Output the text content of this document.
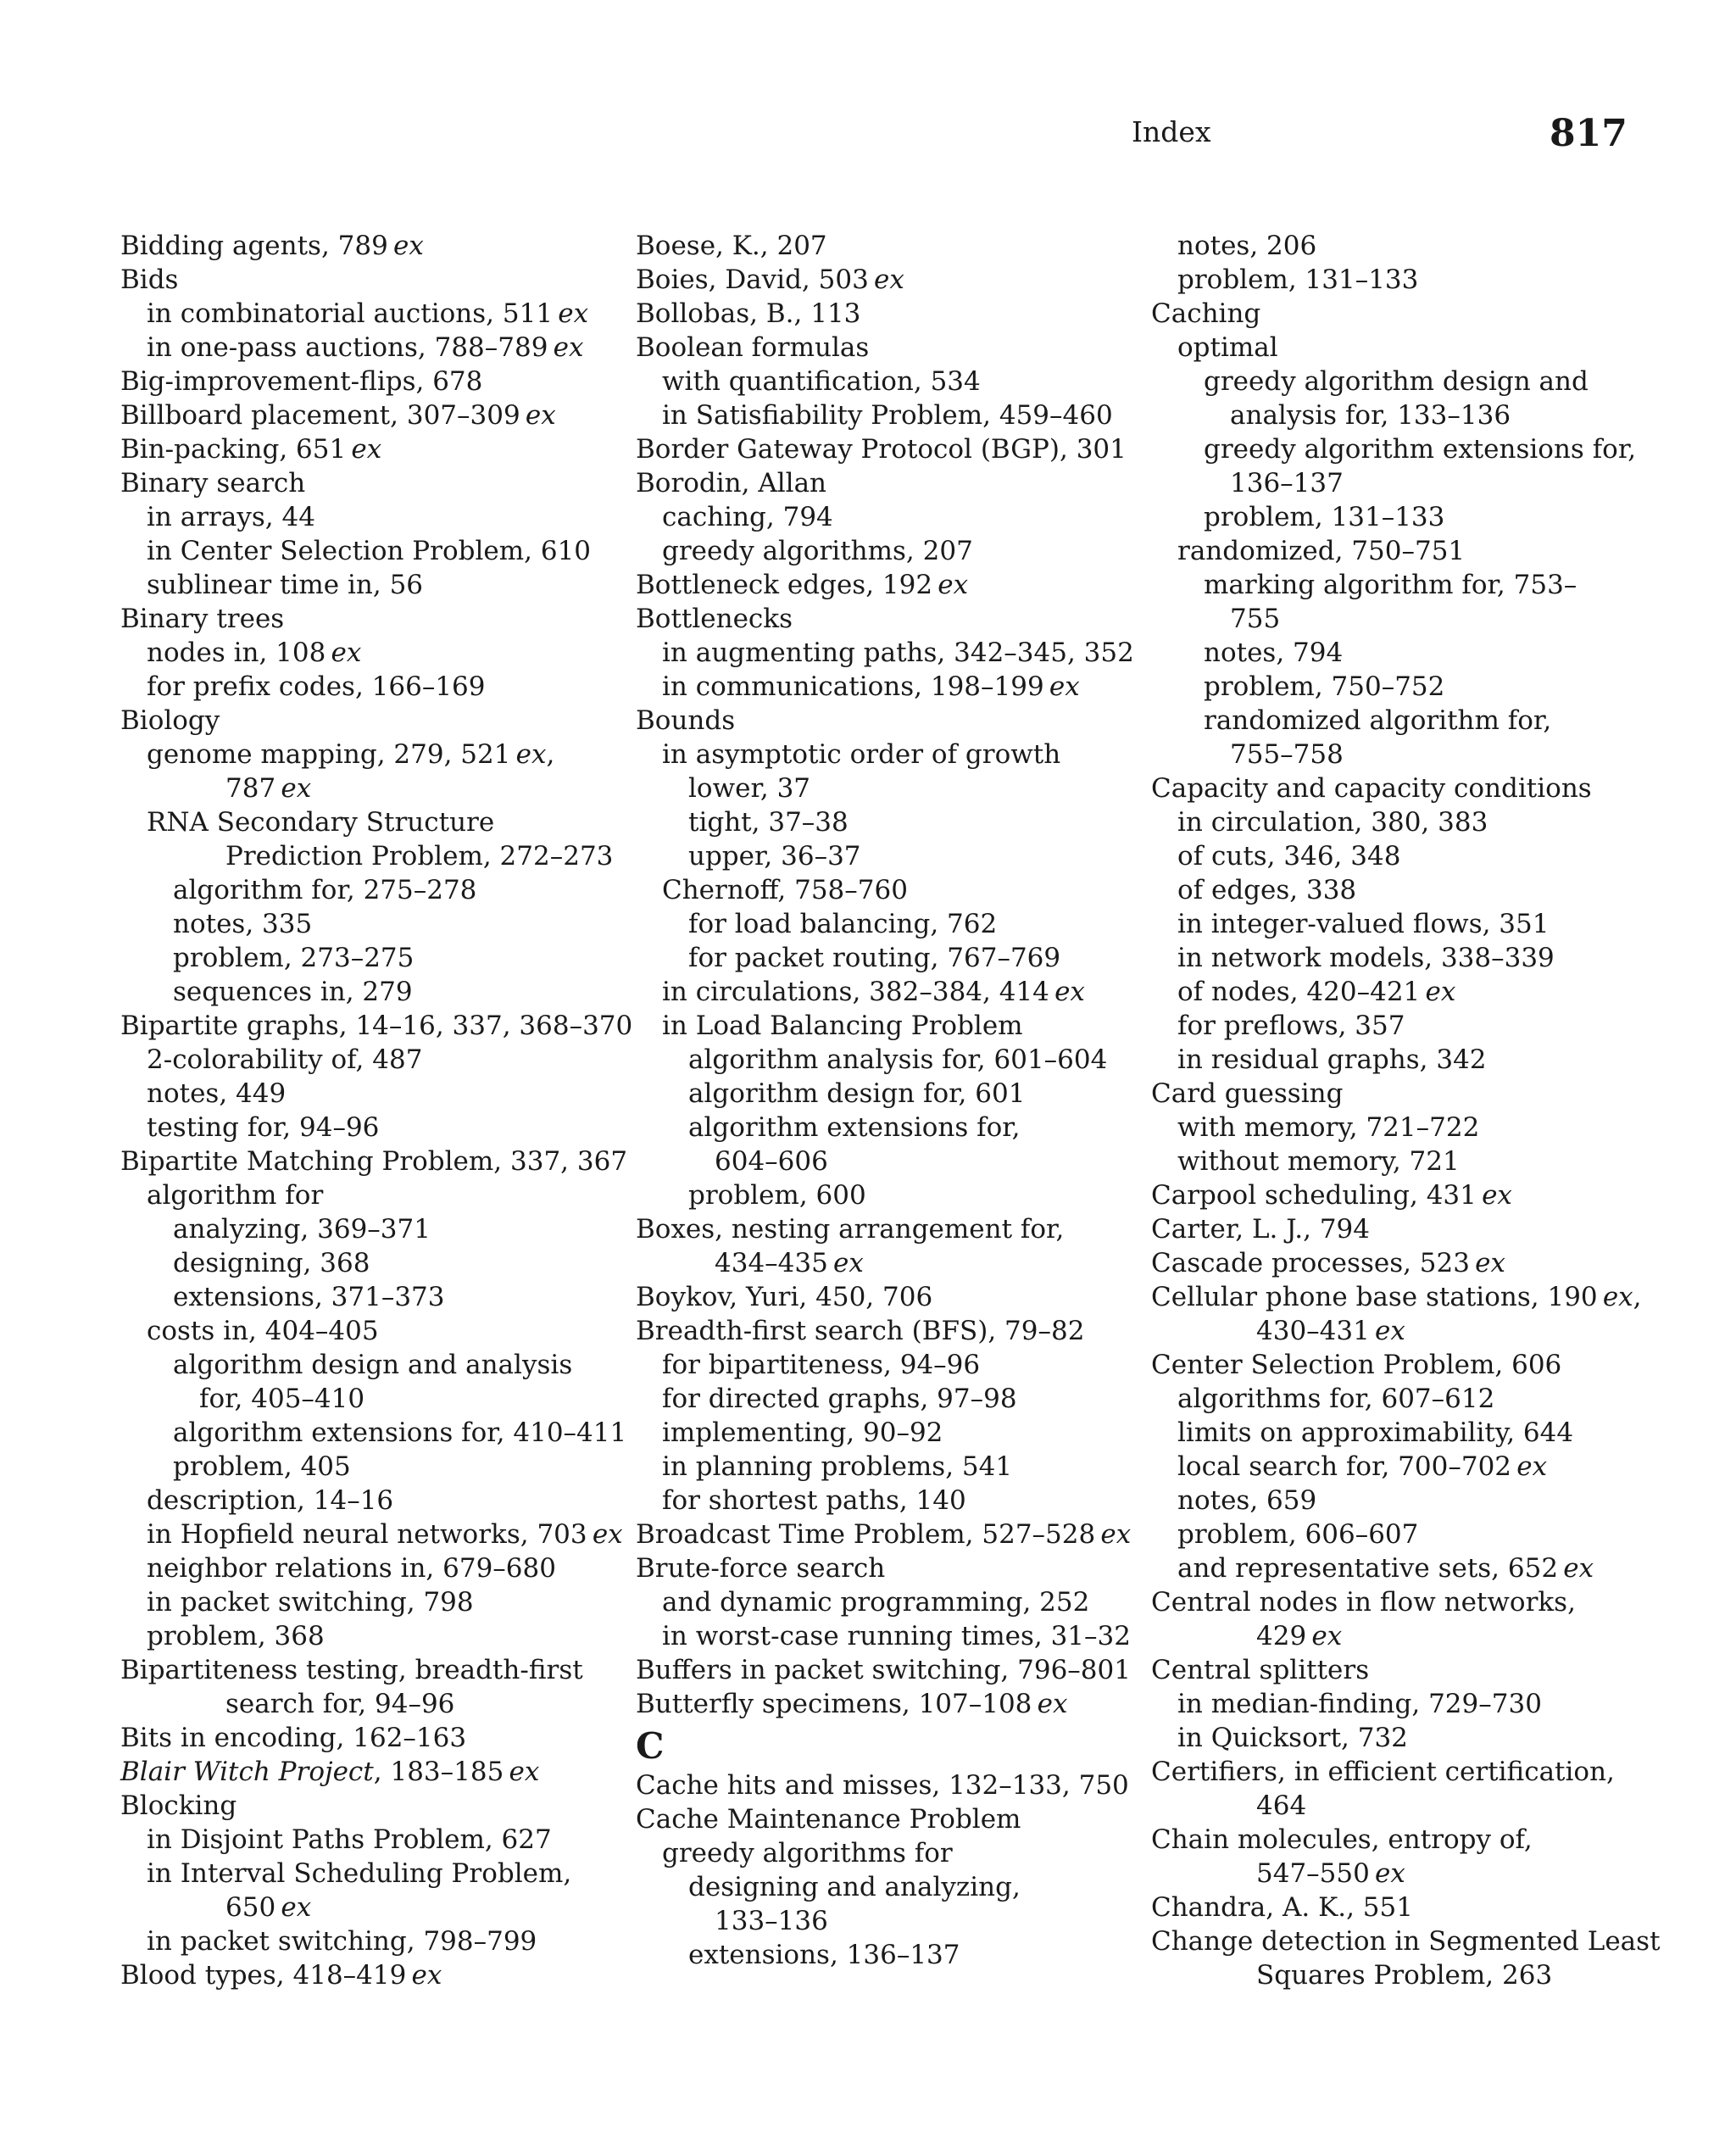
Index	817
Bidding agents, 789 ex
Bids
in combinatorial auctions, 511 ex
in one-pass auctions, 788–789 ex
Big-improvement-flips, 678
Billboard placement, 307–309 ex
Bin-packing, 651 ex
Binary search
in arrays, 44
in Center Selection Problem, 610
sublinear time in, 56
Binary trees
nodes in, 108 ex
for prefix codes, 166–169
Biology
genome mapping, 279, 521 ex,
787 ex
RNA Secondary Structure
Prediction Problem, 272–273
algorithm for, 275–278
notes, 335
problem, 273–275
sequences in, 279
Bipartite graphs, 14–16, 337, 368–370
2-colorability of, 487
notes, 449
testing for, 94–96
Bipartite Matching Problem, 337, 367
algorithm for
analyzing, 369–371
designing, 368
extensions, 371–373
costs in, 404–405
algorithm design and analysis
for, 405–410
algorithm extensions for, 410–411
problem, 405
description, 14–16
in Hopfield neural networks, 703 ex
neighbor relations in, 679–680
in packet switching, 798
problem, 368
Bipartiteness testing, breadth-first
search for, 94–96
Bits in encoding, 162–163
Blair Witch Project, 183–185 ex
Blocking
in Disjoint Paths Problem, 627
in Interval Scheduling Problem,
650 ex
in packet switching, 798–799
Blood types, 418–419 ex
Boese, K., 207
Boies, David, 503 ex
Bollobas, B., 113
Boolean formulas
with quantification, 534
in Satisfiability Problem, 459–460
Border Gateway Protocol (BGP), 301
Borodin, Allan
caching, 794
greedy algorithms, 207
Bottleneck edges, 192 ex
Bottlenecks
in augmenting paths, 342–345, 352
in communications, 198–199 ex
Bounds
in asymptotic order of growth
lower, 37
tight, 37–38
upper, 36–37
Chernoff, 758–760
for load balancing, 762
for packet routing, 767–769
in circulations, 382–384, 414 ex
in Load Balancing Problem
algorithm analysis for, 601–604
algorithm design for, 601
algorithm extensions for,
604–606
problem, 600
Boxes, nesting arrangement for,
434–435 ex
Boykov, Yuri, 450, 706
Breadth-first search (BFS), 79–82
for bipartiteness, 94–96
for directed graphs, 97–98
implementing, 90–92
in planning problems, 541
for shortest paths, 140
Broadcast Time Problem, 527–528 ex
Brute-force search
and dynamic programming, 252
in worst-case running times, 31–32
Buffers in packet switching, 796–801
Butterfly specimens, 107–108 ex
C
Cache hits and misses, 132–133, 750
Cache Maintenance Problem
greedy algorithms for
designing and analyzing,
133–136
extensions, 136–137
notes, 206
problem, 131–133
Caching
optimal
greedy algorithm design and
analysis for, 133–136
greedy algorithm extensions for,
136–137
problem, 131–133
randomized, 750–751
marking algorithm for, 753–
755
notes, 794
problem, 750–752
randomized algorithm for,
755–758
Capacity and capacity conditions
in circulation, 380, 383
of cuts, 346, 348
of edges, 338
in integer-valued flows, 351
in network models, 338–339
of nodes, 420–421 ex
for preflows, 357
in residual graphs, 342
Card guessing
with memory, 721–722
without memory, 721
Carpool scheduling, 431 ex
Carter, L. J., 794
Cascade processes, 523 ex
Cellular phone base stations, 190 ex,
430–431 ex
Center Selection Problem, 606
algorithms for, 607–612
limits on approximability, 644
local search for, 700–702 ex
notes, 659
problem, 606–607
and representative sets, 652 ex
Central nodes in flow networks,
429 ex
Central splitters
in median-finding, 729–730
in Quicksort, 732
Certifiers, in efficient certification,
464
Chain molecules, entropy of,
547–550 ex
Chandra, A. K., 551
Change detection in Segmented Least
Squares Problem, 263
